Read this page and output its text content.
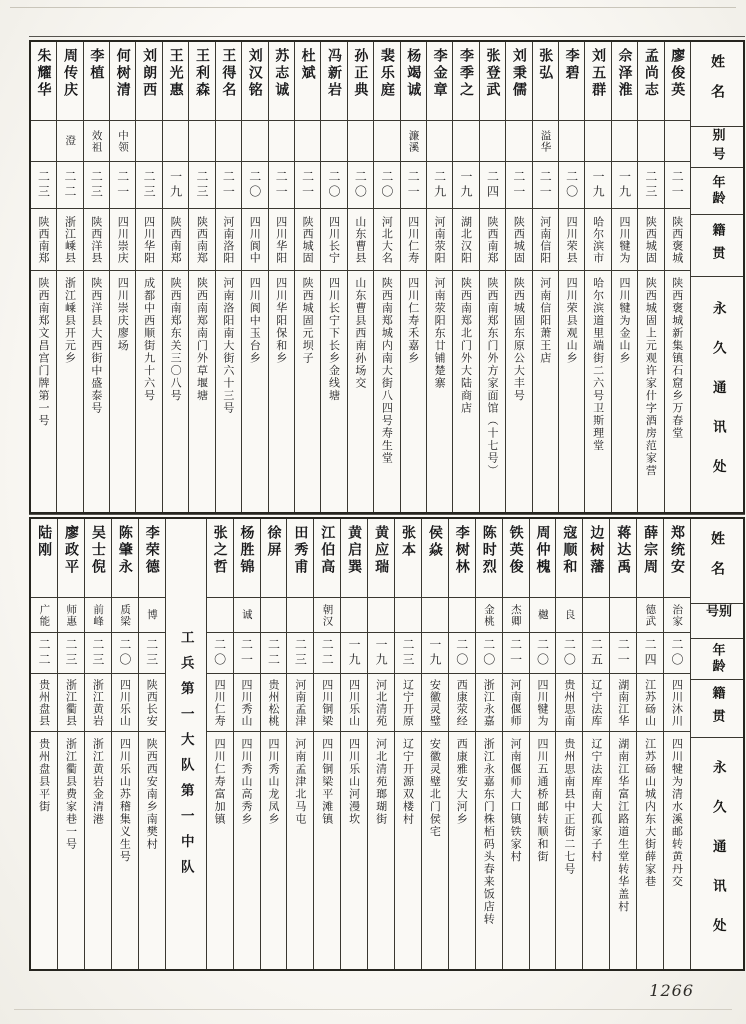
姓名
别号
年龄
籍贯
永久通讯处
廖俊英
二一
陕西褒城
陕西褒城新集镇石窟乡万春堂
孟尚志
二三
陕西城固
陕西城固上元观许家什字酒房范家营
佘泽淮
一九
四川犍为
四川犍为金山乡
刘五群
一九
哈尔滨市
哈尔滨道里端街二六号卫斯理堂
李碧
二〇
四川荣县
四川荣县观山乡
张弘
溢华
二一
河南信阳
河南信阳萧王店
刘秉儒
二一
陕西城固
陕西城固东原公大丰号
张登武
二四
陕西南郑
陕西南郑东门外方家面馆（十七号）
李季之
一九
湖北汉阳
陕西南郑北门外大陆商店
李金章
二九
河南荥阳
河南荥阳东廿铺楚寨
杨竭诚
濂溪
二一
四川仁寿
四川仁寿禾嘉乡
裴乐庭
二〇
河北大名
陕西南郑城内南大街八四号寿生堂
孙正典
二〇
山东曹县
山东曹县西南孙场交
冯新岩
二〇
四川长宁
四川长宁下长乡金线塘
杜斌
二一
陕西城固
陕西城固元坝子
苏志诚
二一
四川华阳
四川华阳保和乡
刘汉铭
二〇
四川阆中
四川阆中玉台乡
王得名
二一
河南洛阳
河南洛阳南大街六十三号
王利森
二三
陕西南郑
陕西南郑南门外草堰塘
王光惠
一九
陕西南郑
陕西南郑东关三〇八号
刘朗西
二三
四川华阳
成都中西顺街九十六号
何树清
中领
二一
四川崇庆
四川崇庆廖场
李植
效祖
二三
陕西洋县
陕西洋县大西街中盛泰号
周传庆
澄
二二
浙江嵊县
浙江嵊县开元乡
朱耀华
二三
陕西南郑
陕西南郑文昌宫门牌第一号
姓名
别号
年龄
籍贯
永久通讯处
郑统安
治家
二〇
四川沐川
四川犍为清水溪邮转黄丹交
薛宗周
德武
二四
江苏砀山
江苏砀山城内东大街薛家巷
蒋达禹
二一
湖南江华
湖南江华富江路道生堂转华盖村
边树藩
二五
辽宁法库
辽宁法库南大孤家子村
寇顺和
良
二〇
贵州思南
贵州思南县中正街二七号
周仲槐
樾
二〇
四川犍为
四川五通桥邮转顺和街
铁英俊
杰卿
二一
河南偃师
河南偃师大口镇铁家村
陈时烈
金桃
二〇
浙江永嘉
浙江永嘉东门株栢码头春来饭店转
李树林
二〇
西康荥经
西康雅安大河乡
侯焱
一九
安徽灵璧
安徽灵璧北门侯宅
张本
二三
辽宁开原
辽宁开源双楼村
黄应瑞
一九
河北清苑
河北清苑瑯瑚街
黄启巽
一九
四川乐山
四川乐山河漫坎
江伯高
朝汉
二二
四川铜梁
四川铜梁平滩镇
田秀甫
二三
河南孟津
河南孟津北马屯
徐屏
二二
贵州松桃
四川秀山龙凤乡
杨胜锦
诚
二一
四川秀山
四川秀山高秀乡
张之哲
二〇
四川仁寿
四川仁寿富加镇
工兵第一大队第一中队
李荣德
博
二三
陕西长安
陕西西安南乡南樊村
陈肇永
质梁
二〇
四川乐山
四川乐山苏稽集义生号
吴士倪
前峰
二三
浙江黄岩
浙江黄岩金清港
廖政平
师惠
二三
浙江衢县
浙江衢县费家巷一号
陆刚
广能
二二
贵州盘县
贵州盘县平街
1266
